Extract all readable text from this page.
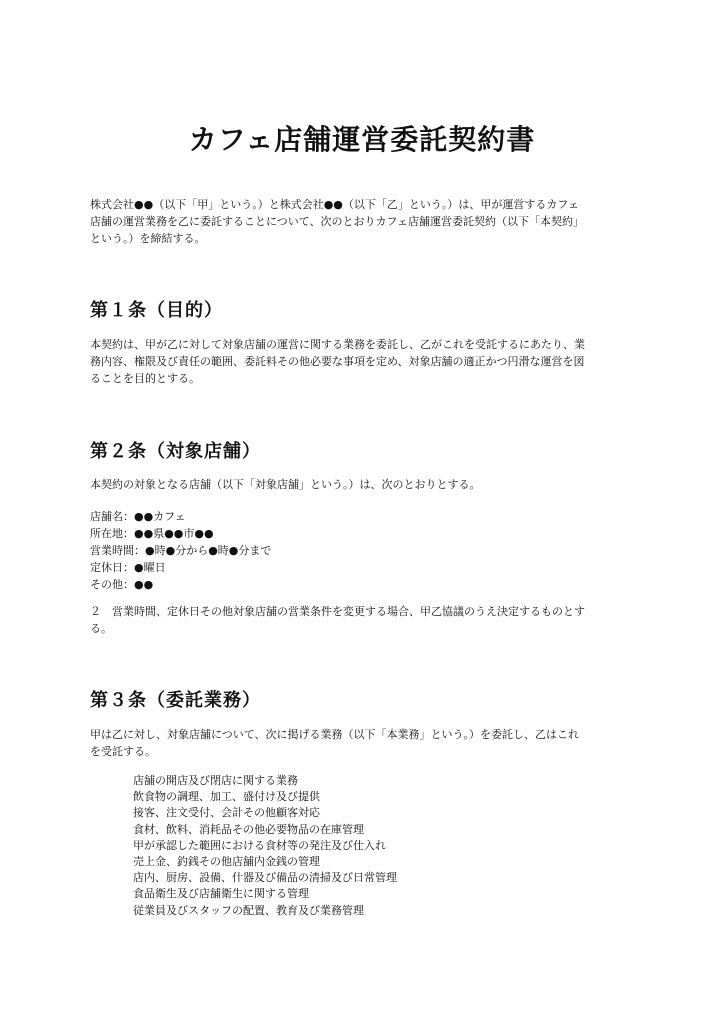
カフェ店舗運営委託契約書
株式会社●●（以下「甲」という。）と株式会社●●（以下「乙」という。）は、甲が運営するカフェ
店舗の運営業務を乙に委託することについて、次のとおりカフェ店舗運営委託契約（以下「本契約」
という。）を締結する。
第１条（目的）
本契約は、甲が乙に対して対象店舗の運営に関する業務を委託し、乙がこれを受託するにあたり、業
務内容、権限及び責任の範囲、委託料その他必要な事項を定め、対象店舗の適正かつ円滑な運営を図
ることを目的とする。
第２条（対象店舗）
本契約の対象となる店舗（以下「対象店舗」という。）は、次のとおりとする。
店舗名：●●カフェ
所在地：●●県●●市●●
営業時間：●時●分から●時●分まで
定休日：●曜日
その他：●●
２　営業時間、定休日その他対象店舗の営業条件を変更する場合、甲乙協議のうえ決定するものとす
る。
第３条（委託業務）
甲は乙に対し、対象店舗について、次に掲げる業務（以下「本業務」という。）を委託し、乙はこれ
を受託する。
店舗の開店及び閉店に関する業務
飲食物の調理、加工、盛付け及び提供
接客、注文受付、会計その他顧客対応
食材、飲料、消耗品その他必要物品の在庫管理
甲が承認した範囲における食材等の発注及び仕入れ
売上金、釣銭その他店舗内金銭の管理
店内、厨房、設備、什器及び備品の清掃及び日常管理
食品衛生及び店舗衛生に関する管理
従業員及びスタッフの配置、教育及び業務管理
